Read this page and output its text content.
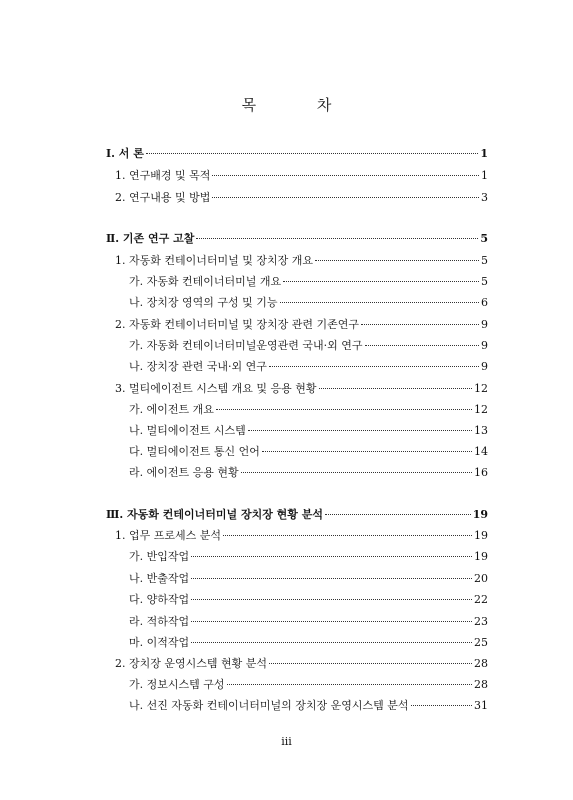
목 차
Ⅰ. 서 론	1
1. 연구배경 및 목적	1
2. 연구내용 및 방법	3
Ⅱ. 기존 연구 고찰	5
1. 자동화 컨테이너터미널 및 장치장 개요	5
가. 자동화 컨테이너터미널 개요	5
나. 장치장 영역의 구성 및 기능	6
2. 자동화 컨테이너터미널 및 장치장 관련 기존연구	9
가. 자동화 컨테이너터미널운영관련 국내·외 연구	9
나. 장치장 관련 국내·외 연구	9
3. 멀티에이전트 시스템 개요 및 응용 현황	12
가. 에이전트 개요	12
나. 멀티에이전트 시스템	13
다. 멀티에이전트 통신 언어	14
라. 에이전트 응용 현황	16
Ⅲ. 자동화 컨테이너터미널 장치장 현황 분석	19
1. 업무 프로세스 분석	19
가. 반입작업	19
나. 반출작업	20
다. 양하작업	22
라. 적하작업	23
마. 이적작업	25
2. 장치장 운영시스템 현황 분석	28
가. 정보시스템 구성	28
나. 선진 자동화 컨테이너터미널의 장치장 운영시스템 분석	31
iii
